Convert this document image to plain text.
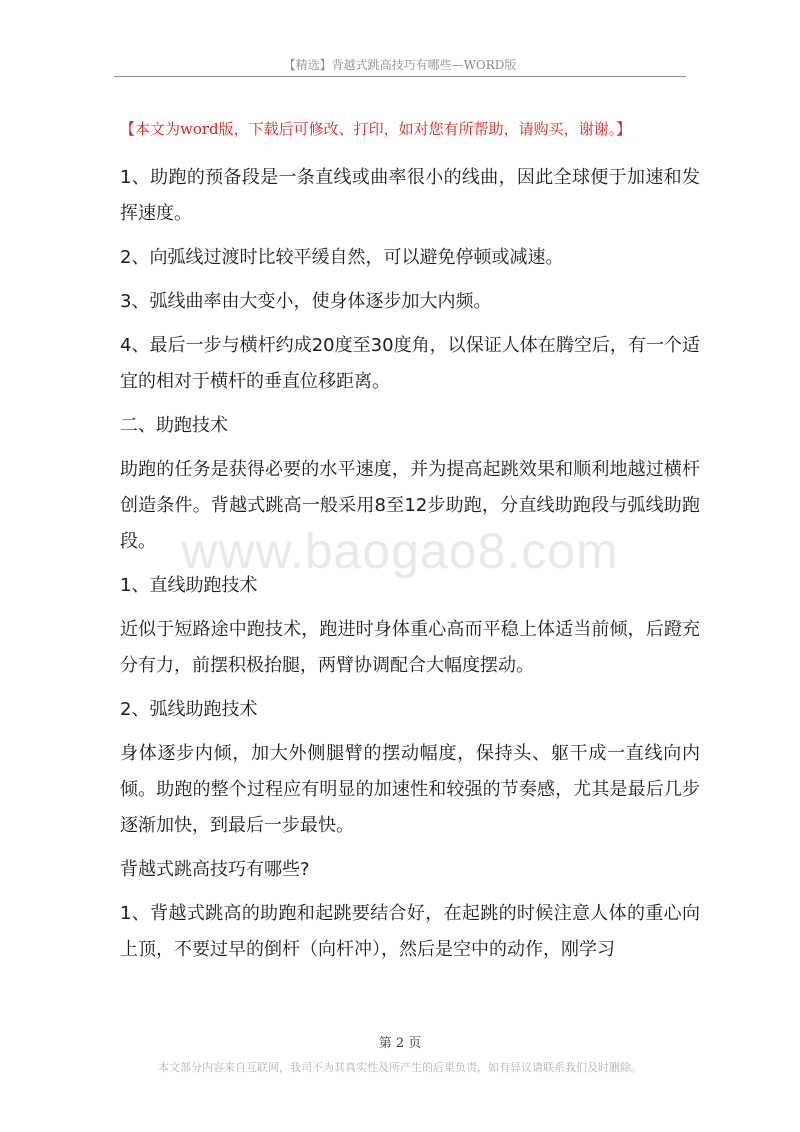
【精选】背越式跳高技巧有哪些—WORD版
【本文为word版，下载后可修改、打印，如对您有所帮助，请购买，谢谢。】
www.baogao8.com

1、助跑的预备段是一条直线或曲率很小的线曲，因此全球便于加速和发挥速度。

2、向弧线过渡时比较平缓自然，可以避免停顿或减速。

3、弧线曲率由大变小，使身体逐步加大内频。

4、最后一步与横杆约成20度至30度角，以保证人体在腾空后，有一个适宜的相对于横杆的垂直位移距离。

二、助跑技术

助跑的任务是获得必要的水平速度，并为提高起跳效果和顺利地越过横杆创造条件。背越式跳高一般采用8至12步助跑，分直线助跑段与弧线助跑段。

1、直线助跑技术

近似于短路途中跑技术，跑进时身体重心高而平稳上体适当前倾，后蹬充分有力，前摆积极抬腿，两臂协调配合大幅度摆动。

2、弧线助跑技术

身体逐步内倾，加大外侧腿臂的摆动幅度，保持头、躯干成一直线向内倾。助跑的整个过程应有明显的加速性和较强的节奏感，尤其是最后几步逐渐加快，到最后一步最快。

背越式跳高技巧有哪些?

1、背越式跳高的助跑和起跳要结合好，在起跳的时候注意人体的重心向上顶，不要过早的倒杆（向杆冲），然后是空中的动作，刚学习

第 2 页
本文部分内容来自互联网，我司不为其真实性及所产生的后果负责，如有异议请联系我们及时删除。
